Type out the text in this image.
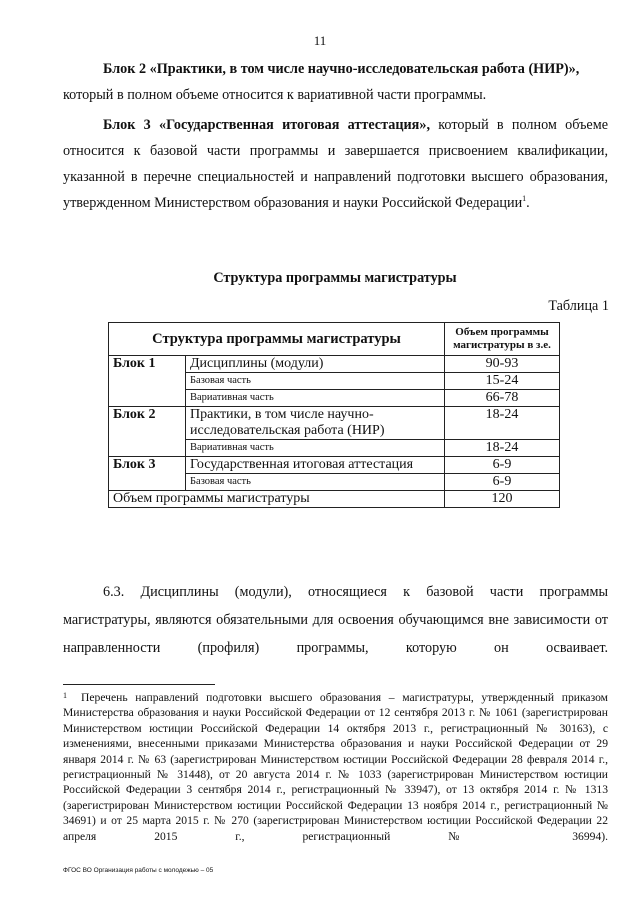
11
Блок 2 «Практики, в том числе научно-исследовательская работа (НИР)»,
который в полном объеме относится к вариативной части программы.
Блок 3 «Государственная итоговая аттестация», который в полном объеме относится к базовой части программы и завершается присвоением квалификации, указанной в перечне специальностей и направлений подготовки высшего образования, утвержденном Министерством образования и науки Российской Федерации$^1$.
Структура программы магистратуры
Таблица 1
Структура программы магистратуры		Объем программы магистратуры в з.е.
Блок 1	Дисциплины (модули)	90-93
	Базовая часть	15-24
	Вариативная часть	66-78
Блок 2	Практики, в том числе научно-исследовательская работа (НИР)	18-24
	Вариативная часть	18-24
Блок 3	Государственная итоговая аттестация	6-9
	Базовая часть	6-9
Объем программы магистратуры		120
6.3. Дисциплины (модули), относящиеся к базовой части программы магистратуры, являются обязательными для освоения обучающимся вне зависимости от направленности (профиля) программы, которую он осваивает.
1 Перечень направлений подготовки высшего образования – магистратуры, утвержденный приказом Министерства образования и науки Российской Федерации от 12 сентября 2013 г. № 1061 (зарегистрирован Министерством юстиции Российской Федерации 14 октября 2013 г., регистрационный № 30163), с изменениями, внесенными приказами Министерства образования и науки Российской Федерации от 29 января 2014 г. № 63 (зарегистрирован Министерством юстиции Российской Федерации 28 февраля 2014 г., регистрационный № 31448), от 20 августа 2014 г. № 1033 (зарегистрирован Министерством юстиции Российской Федерации 3 сентября 2014 г., регистрационный № 33947), от 13 октября 2014 г. № 1313 (зарегистрирован Министерством юстиции Российской Федерации 13 ноября 2014 г., регистрационный № 34691) и от 25 марта 2015 г. № 270 (зарегистрирован Министерством юстиции Российской Федерации 22 апреля 2015 г., регистрационный № 36994).
ФГОС ВО Организация работы с молодежью – 05
